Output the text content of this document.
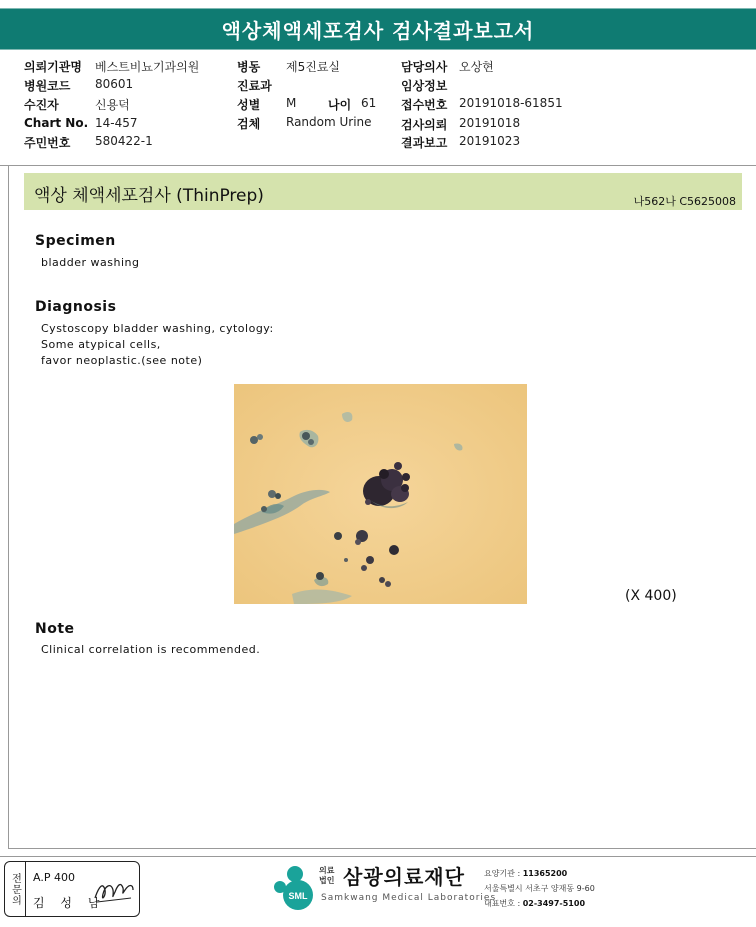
액상체액세포검사 검사결과보고서
의뢰기관명 베스트비뇨기과의원
병원코드 80601
수진자	신용덕
Chart No. 14-457
주민번호 580422-1
병동 제5진료실
진료과
성별 M	나이 61
검체 Random Urine
담당의사 오상현
임상정보
접수번호 20191018-61851
검사의뢰 20191018
결과보고 20191023
액상 체액세포검사 (ThinPrep)	나562나 C5625008
Specimen
bladder washing
Diagnosis
Cystoscopy bladder washing, cytology:
Some atypical cells,
favor neoplastic.(see note)
(X 400)
Note
Clinical correlation is recommended.
전문의	A.P 400
김 성 남	SML
의료
법인 삼광의료재단
Samkwang Medical Laboratories
요양기관 : 11365200
서울특별시 서초구 양재동 9-60
대표번호 : 02-3497-5100
